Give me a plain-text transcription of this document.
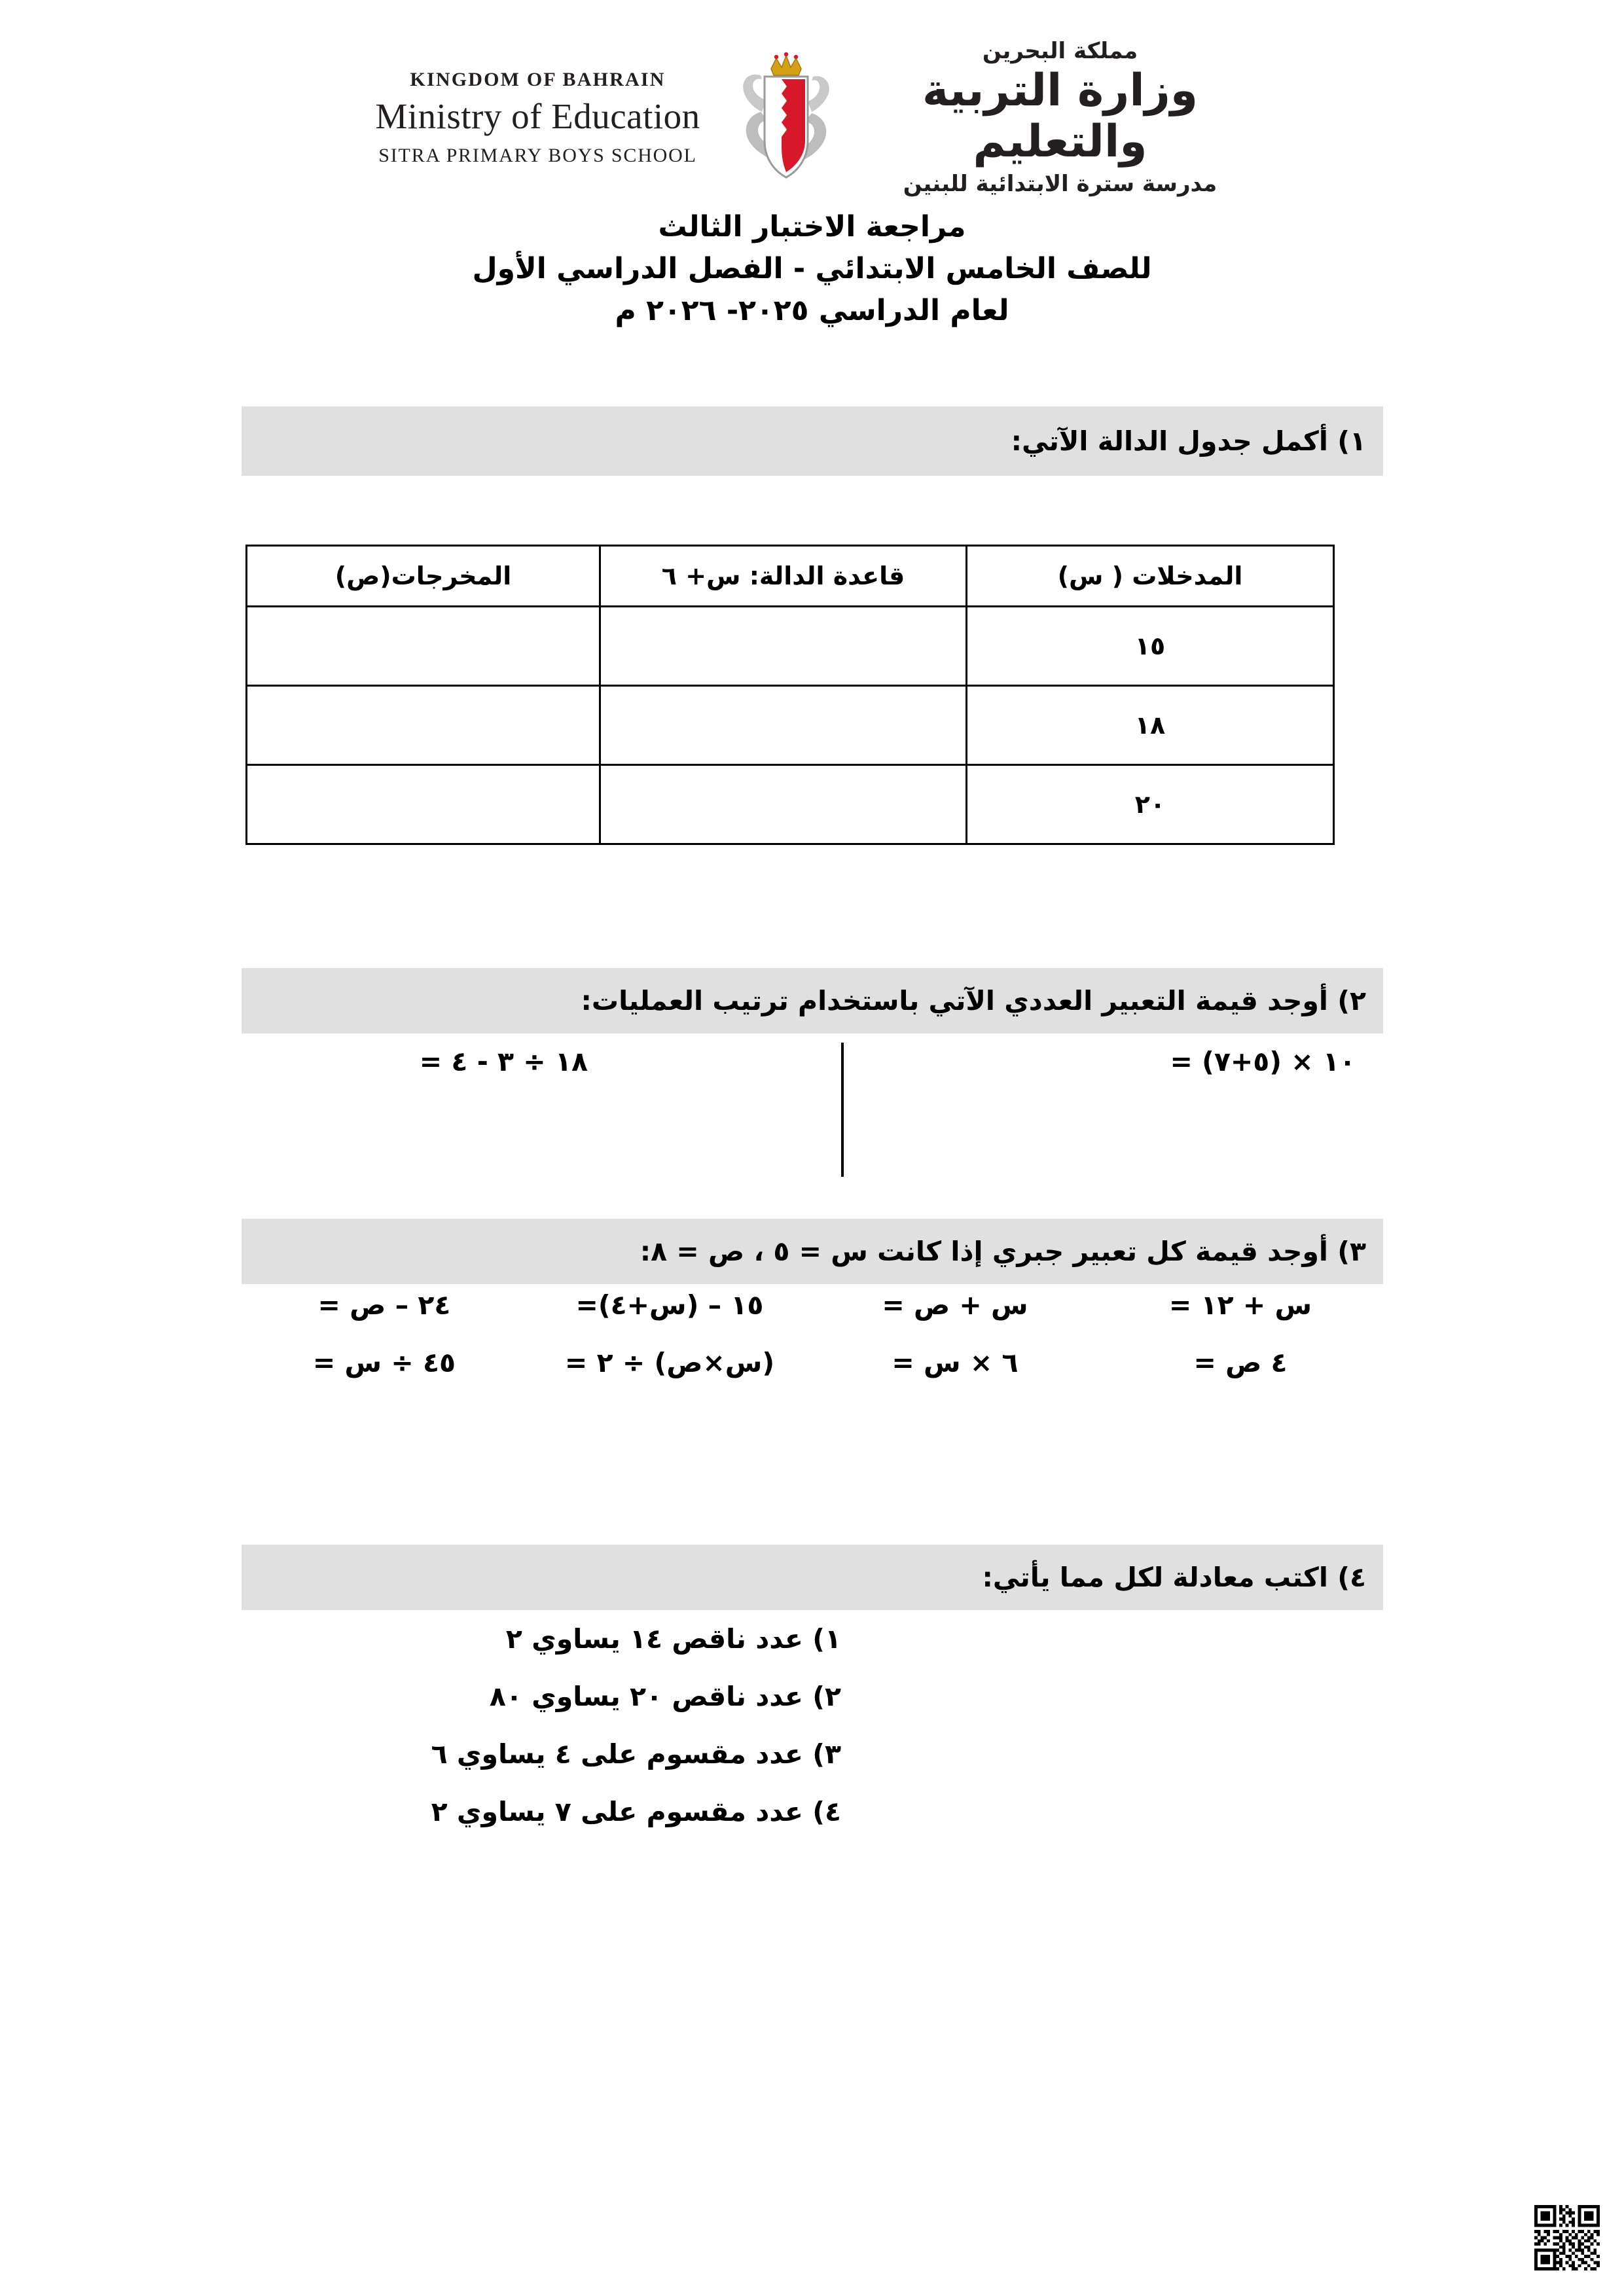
KINGDOM OF BAHRAIN
Ministry of Education
SITRA PRIMARY BOYS SCHOOL
مملكة البحرين
وزارة التربية والتعليم
مدرسة سترة الابتدائية للبنين
مراجعة الاختبار الثالث
للصف الخامس الابتدائي - الفصل الدراسي الأول
لعام الدراسي ٢٠٢٥- ٢٠٢٦ م
١) أكمل جدول الدالة الآتي:
المدخلات ( س)	قاعدة الدالة: س+ ٦	المخرجات(ص)
١٥		
١٨		
٢٠		
٢) أوجد قيمة التعبير العددي الآتي باستخدام ترتيب العمليات:
١٠ × (٥+٧) =
١٨ ÷ ٣ - ٤ =
٣) أوجد قيمة كل تعبير جبري إذا كانت س = ٥ ، ص = ٨:
س + ١٢ =
س + ص =
١٥ – (س+٤)=
٢٤ – ص =
٤ ص =
٦ × س =
(س×ص) ÷ ٢ =
٤٥ ÷ س =
٤) اكتب معادلة لكل مما يأتي:
١) عدد ناقص ١٤ يساوي ٢
٢) عدد ناقص ٢٠ يساوي ٨٠
٣) عدد مقسوم على ٤ يساوي ٦
٤) عدد مقسوم على ٧ يساوي ٢
